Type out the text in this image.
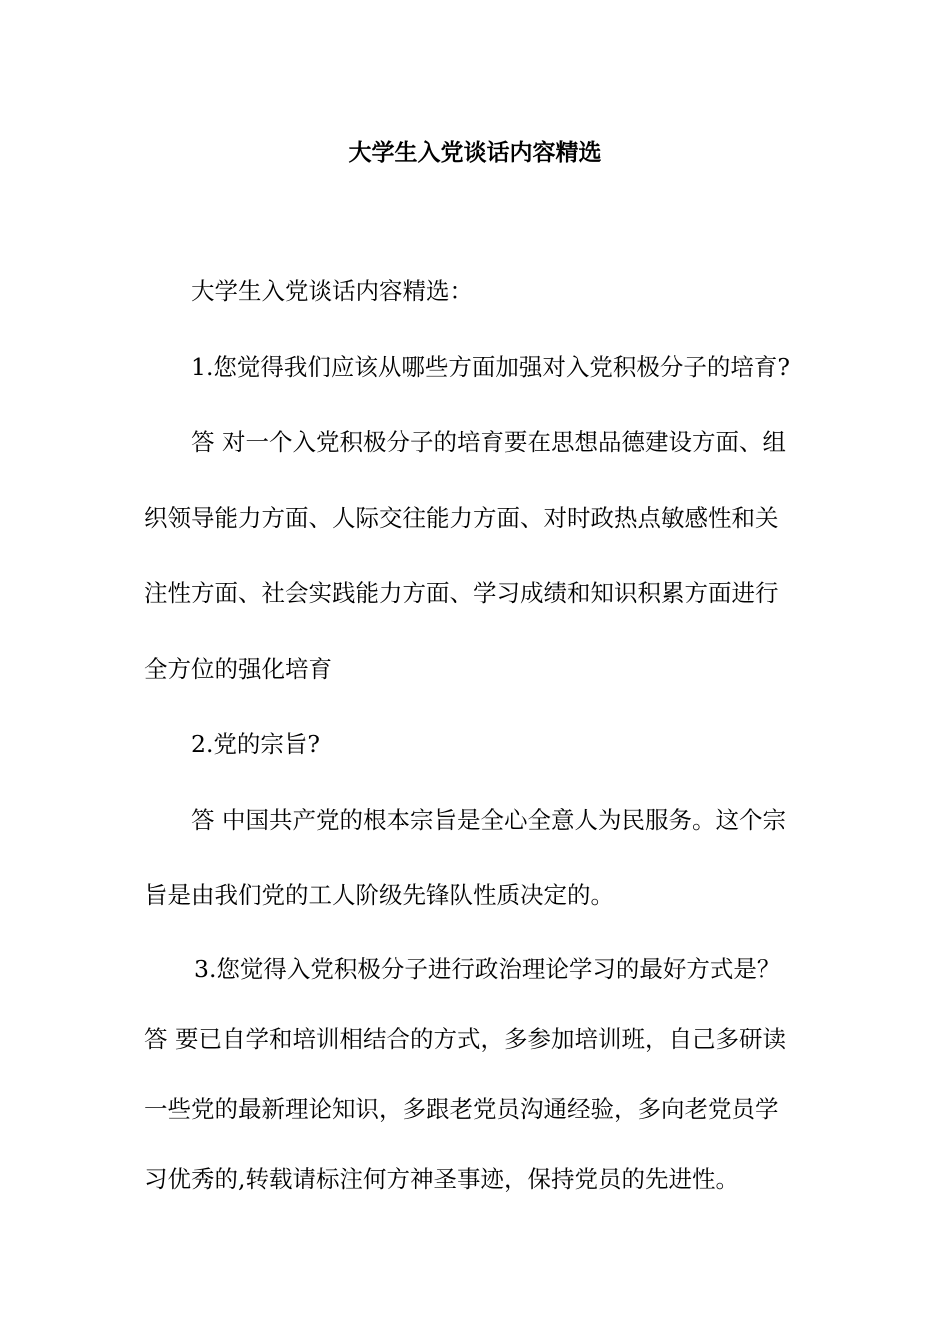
大学生入党谈话内容精选

大学生入党谈话内容精选：

1.您觉得我们应该从哪些方面加强对入党积极分子的培育?

答 对一个入党积极分子的培育要在思想品德建设方面、组

织领导能力方面、人际交往能力方面、对时政热点敏感性和关

注性方面、社会实践能力方面、学习成绩和知识积累方面进行

全方位的强化培育

2.党的宗旨?

答 中国共产党的根本宗旨是全心全意人为民服务。这个宗

旨是由我们党的工人阶级先锋队性质决定的。

3.您觉得入党积极分子进行政治理论学习的最好方式是？

答 要已自学和培训相结合的方式，多参加培训班，自己多研读

一些党的最新理论知识，多跟老党员沟通经验，多向老党员学

习优秀的,转载请标注何方神圣事迹，保持党员的先进性。
